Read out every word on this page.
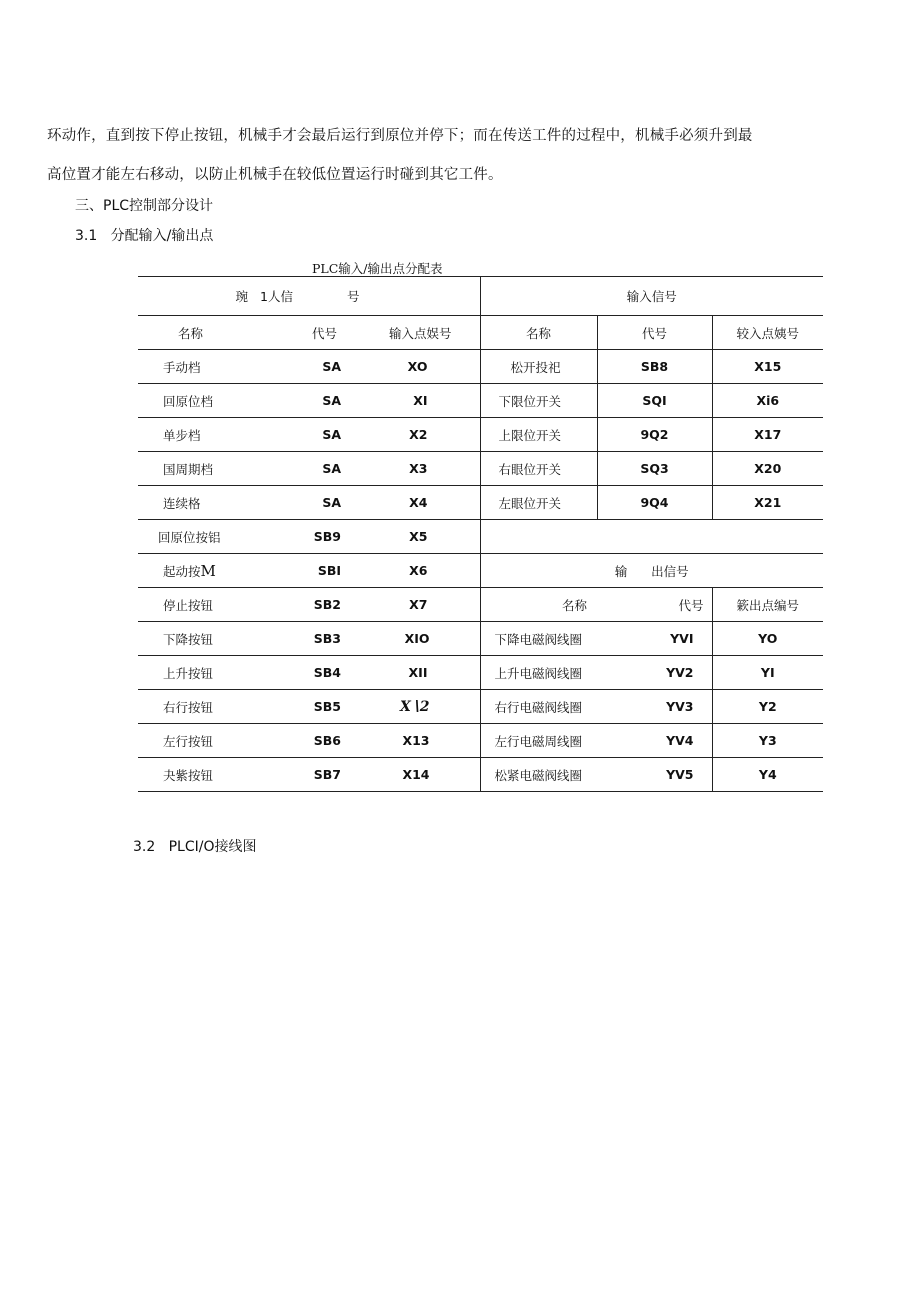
环动作，直到按下停止按钮，机械手才会最后运行到原位并停下；而在传送工件的过程中，机械手必须升到最
高位置才能左右移动，以防止机械手在较低位置运行时碰到其它工件。
三、PLC控制部分设计
3.1   分配输入/输出点
PLC输入/输出点分配表
琬	1人信	号	输入信号		
名称	代号	输入点娱号	名称	代号	较入点姨号
手动档	SA	XO	松开投祀	SB8	X15
回原位档	SA	XI	下限位开关	SQI	Xi6
单步档	SA	X2	上限位开关	9Q2	X17
国周期档	SA	X3	右眼位开关	SQ3	X20
连续格	SA	X4	左眼位开关	9Q4	X21
回原位按铝	SB9	X5			
起动按M	SBI	X6	输      出信号		
停止按钮	SB2	X7	名称	代号	簌出点编号
下降按钮	SB3	XIO	下降电磁阀线圈	YVI	YO
上升按钮	SB4	XII	上升电磁阀线圈	YV2	YI
右行按钮	SB5	X∖2	右行电磁阀线圈	YV3	Y2
左行按钮	SB6	X13	左行电磁周线圈	YV4	Y3
夬紫按钮	SB7	X14	松紧电磁阀线圈	YV5	Y4
3.2   PLCI/O接线图
